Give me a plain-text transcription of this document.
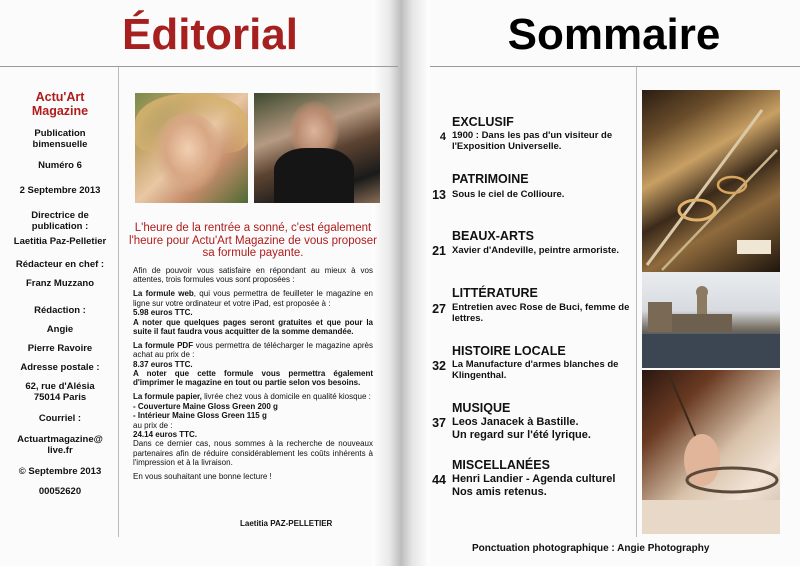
Éditorial
Actu'Art Magazine
Publication bimensuelle
Numéro 6
2 Septembre 2013
Directrice de publication :
Laetitia Paz-Pelletier
Rédacteur en chef :
Franz Muzzano
Rédaction :
Angie
Pierre Ravoire
Adresse postale :
62, rue d'Alésia
75014 Paris
Courriel :
Actuartmagazine@
live.fr
© Septembre 2013
00052620
L'heure de la rentrée a sonné, c'est également l'heure pour Actu'Art Magazine de vous proposer sa formule payante.

Afin de pouvoir vous satisfaire en répondant au mieux à vos attentes, trois formules vous sont proposées :

La formule web, qui vous permettra de feuilleter le magazine en ligne sur votre ordinateur et votre iPad, est proposée à :
5.98 euros TTC.
A noter que quelques pages seront gratuites et que pour la suite il faut faudra vous acquitter de la somme demandée.

La formule PDF vous permettra de télécharger le magazine après achat au prix de :
8.37 euros TTC.
A noter que cette formule vous permettra également d'imprimer le magazine en tout ou partie selon vos besoins.

La formule papier, livrée chez vous à domicile en qualité kiosque :
- Couverture Maine Gloss Green 200 g
- Intérieur Maine Gloss Green 115 g
au prix de :
24.14 euros TTC.
Dans ce dernier cas, nous sommes à la recherche de nouveaux partenaires afin de réduire considérablement les coûts inhérents à l'impression et à la livraison.

En vous souhaitant une bonne lecture !

Laetitia PAZ-PELLETIER
Sommaire
EXCLUSIF
4 1900 : Dans les pas d'un visiteur de l'Exposition Universelle.
PATRIMOINE
13 Sous le ciel de Collioure.
BEAUX-ARTS
21 Xavier d'Andeville, peintre armoriste.
LITTÉRATURE
27 Entretien avec Rose de Buci, femme de lettres.
HISTOIRE LOCALE
32 La Manufacture d'armes blanches de Klingenthal.
MUSIQUE
37 Leos Janacek à Bastille.
Un regard sur l'été lyrique.
MISCELLANÉES
44 Henri Landier - Agenda culturel
Nos amis retenus.
Ponctuation photographique : Angie Photography
